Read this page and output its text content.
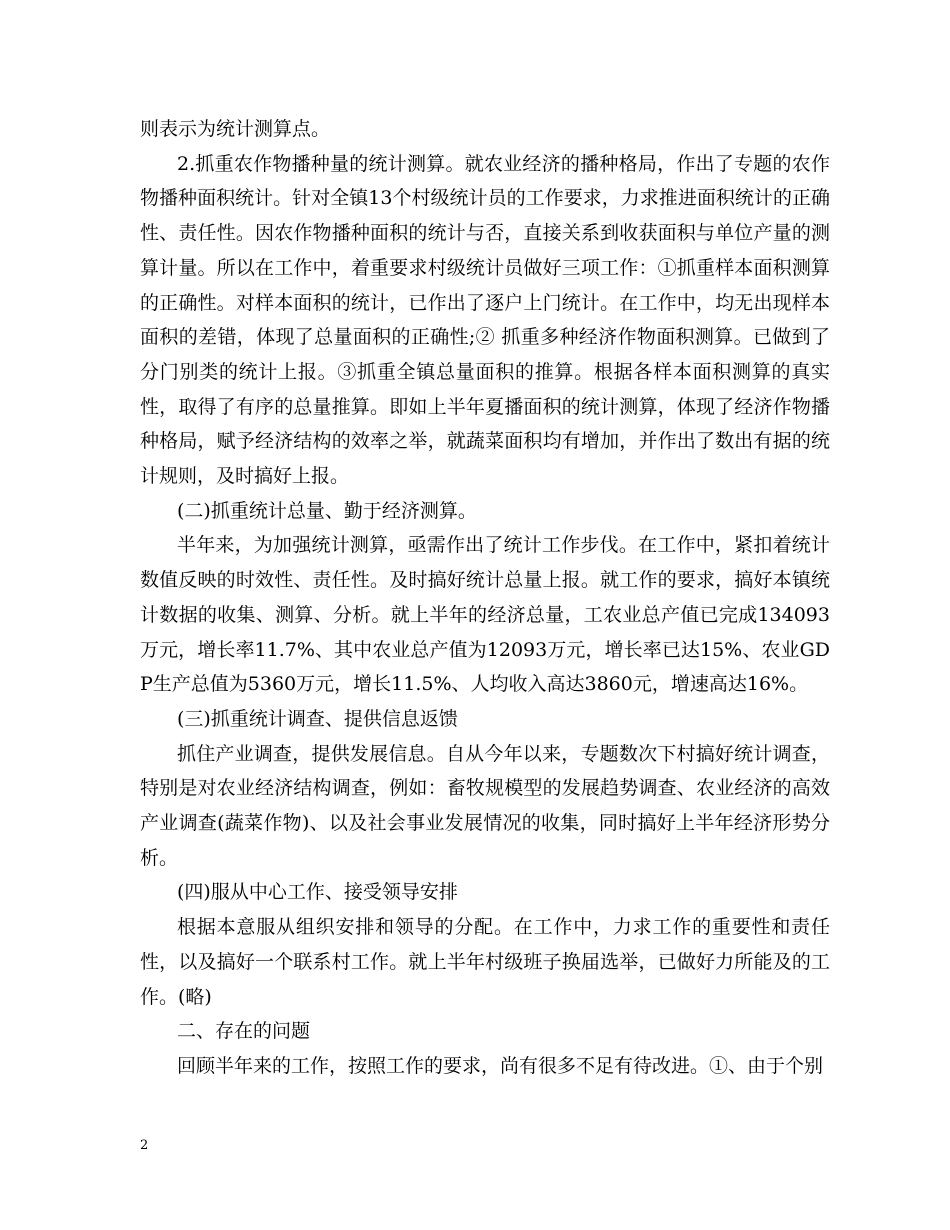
则表示为统计测算点。

2.抓重农作物播种量的统计测算。就农业经济的播种格局，作出了专题的农作物播种面积统计。针对全镇13个村级统计员的工作要求，力求推进面积统计的正确性、责任性。因农作物播种面积的统计与否，直接关系到收获面积与单位产量的测算计量。所以在工作中，着重要求村级统计员做好三项工作：①抓重样本面积测算的正确性。对样本面积的统计，已作出了逐户上门统计。在工作中，均无出现样本面积的差错，体现了总量面积的正确性;② 抓重多种经济作物面积测算。已做到了分门别类的统计上报。③抓重全镇总量面积的推算。根据各样本面积测算的真实性，取得了有序的总量推算。即如上半年夏播面积的统计测算，体现了经济作物播种格局，赋予经济结构的效率之举，就蔬菜面积均有增加，并作出了数出有据的统计规则，及时搞好上报。

(二)抓重统计总量、勤于经济测算。

半年来，为加强统计测算，亟需作出了统计工作步伐。在工作中，紧扣着统计数值反映的时效性、责任性。及时搞好统计总量上报。就工作的要求，搞好本镇统计数据的收集、测算、分析。就上半年的经济总量，工农业总产值已完成134093万元，增长率11.7%、其中农业总产值为12093万元，增长率已达15%、农业GDP生产总值为5360万元，增长11.5%、人均收入高达3860元，增速高达16%。

(三)抓重统计调查、提供信息返馈

抓住产业调查，提供发展信息。自从今年以来，专题数次下村搞好统计调查，特别是对农业经济结构调查，例如：畜牧规模型的发展趋势调查、农业经济的高效产业调查(蔬菜作物)、以及社会事业发展情况的收集，同时搞好上半年经济形势分析。

(四)服从中心工作、接受领导安排

根据本意服从组织安排和领导的分配。在工作中，力求工作的重要性和责任性，以及搞好一个联系村工作。就上半年村级班子换届选举，已做好力所能及的工作。(略)

二、存在的问题

回顾半年来的工作，按照工作的要求，尚有很多不足有待改进。①、由于个别

2
